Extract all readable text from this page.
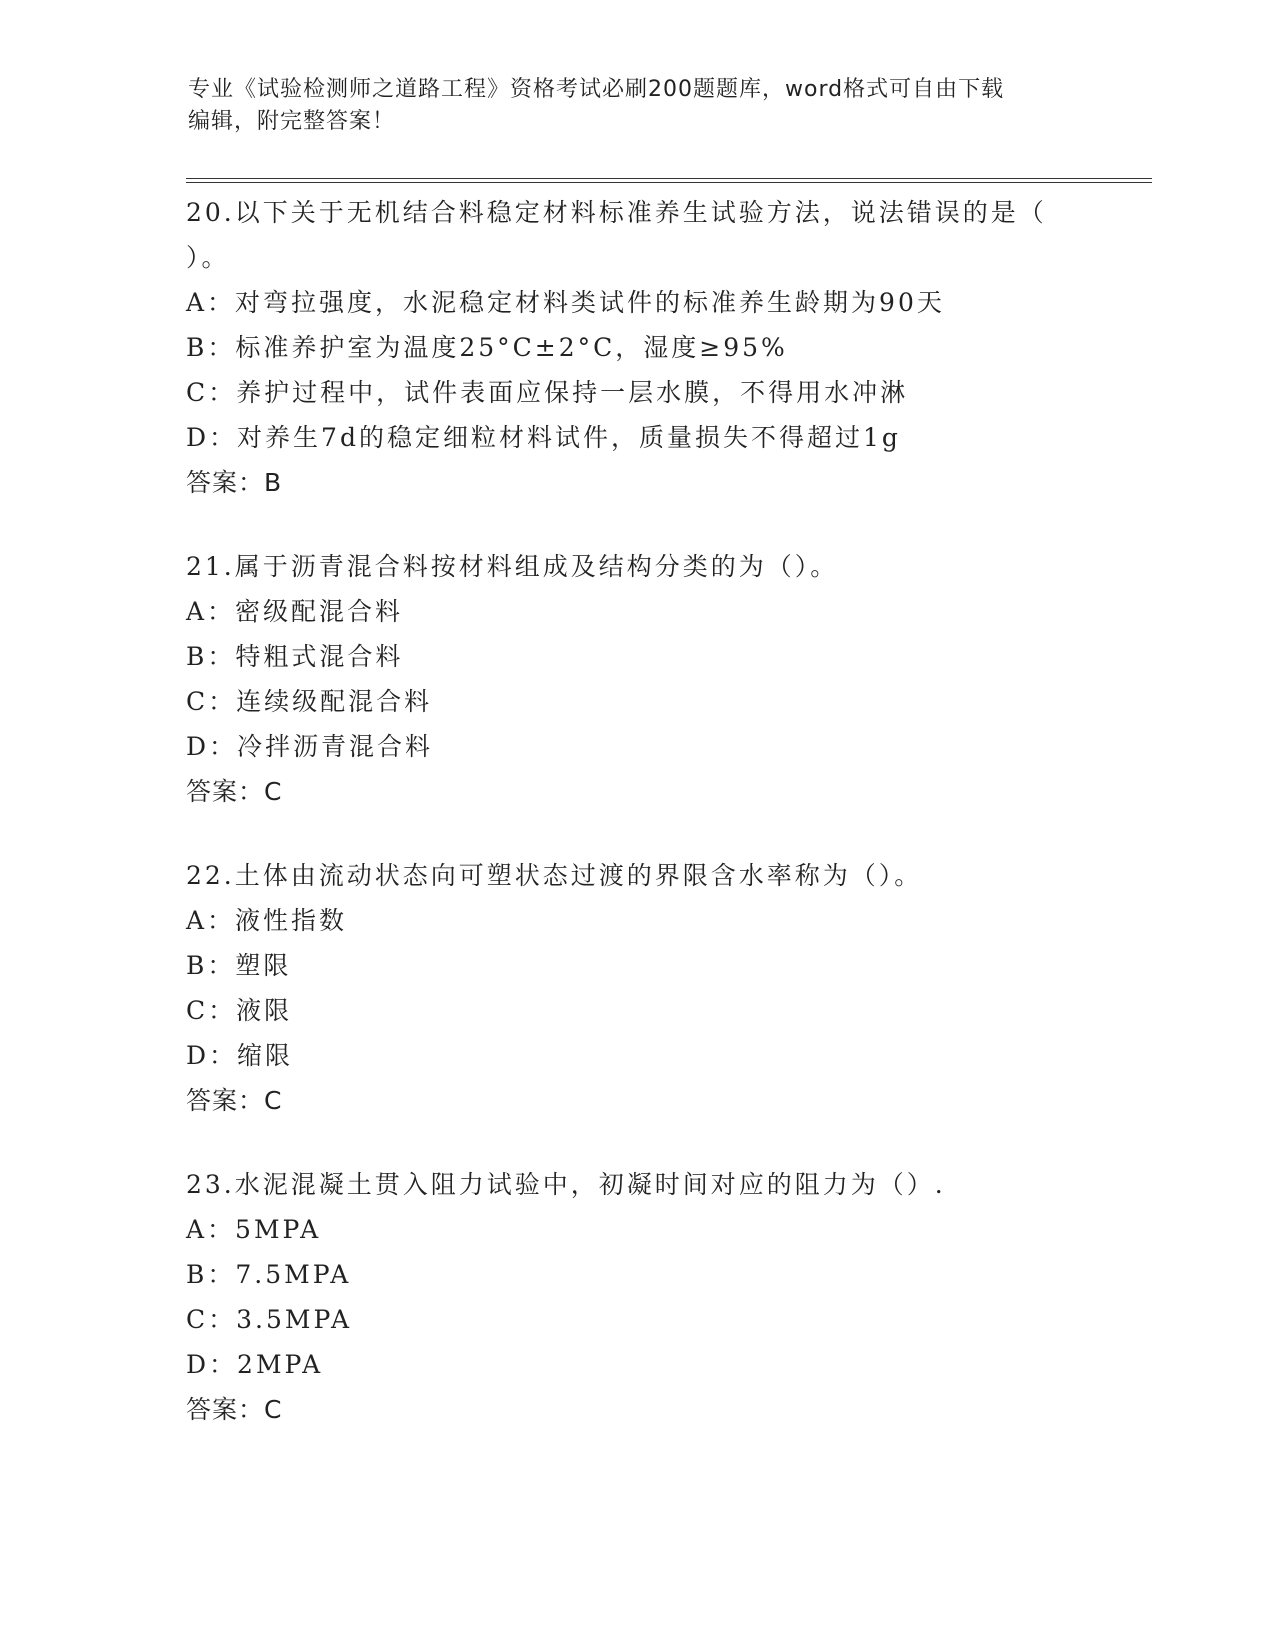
专业《试验检测师之道路工程》资格考试必刷200题题库，word格式可自由下载
编辑，附完整答案！

20.以下关于无机结合料稳定材料标准养生试验方法，说法错误的是（

）。

A：对弯拉强度，水泥稳定材料类试件的标准养生龄期为90天

B：标准养护室为温度25°C±2°C，湿度≥95%

C：养护过程中，试件表面应保持一层水膜，不得用水冲淋

D：对养生7d的稳定细粒材料试件，质量损失不得超过1g

答案：B

21.属于沥青混合料按材料组成及结构分类的为（）。

A：密级配混合料

B：特粗式混合料

C：连续级配混合料

D：冷拌沥青混合料

答案：C

22.土体由流动状态向可塑状态过渡的界限含水率称为（）。

A：液性指数

B：塑限

C：液限

D：缩限

答案：C

23.水泥混凝土贯入阻力试验中，初凝时间对应的阻力为（）.

A：5MPA

B：7.5MPA

C：3.5MPA

D：2MPA

答案：C
